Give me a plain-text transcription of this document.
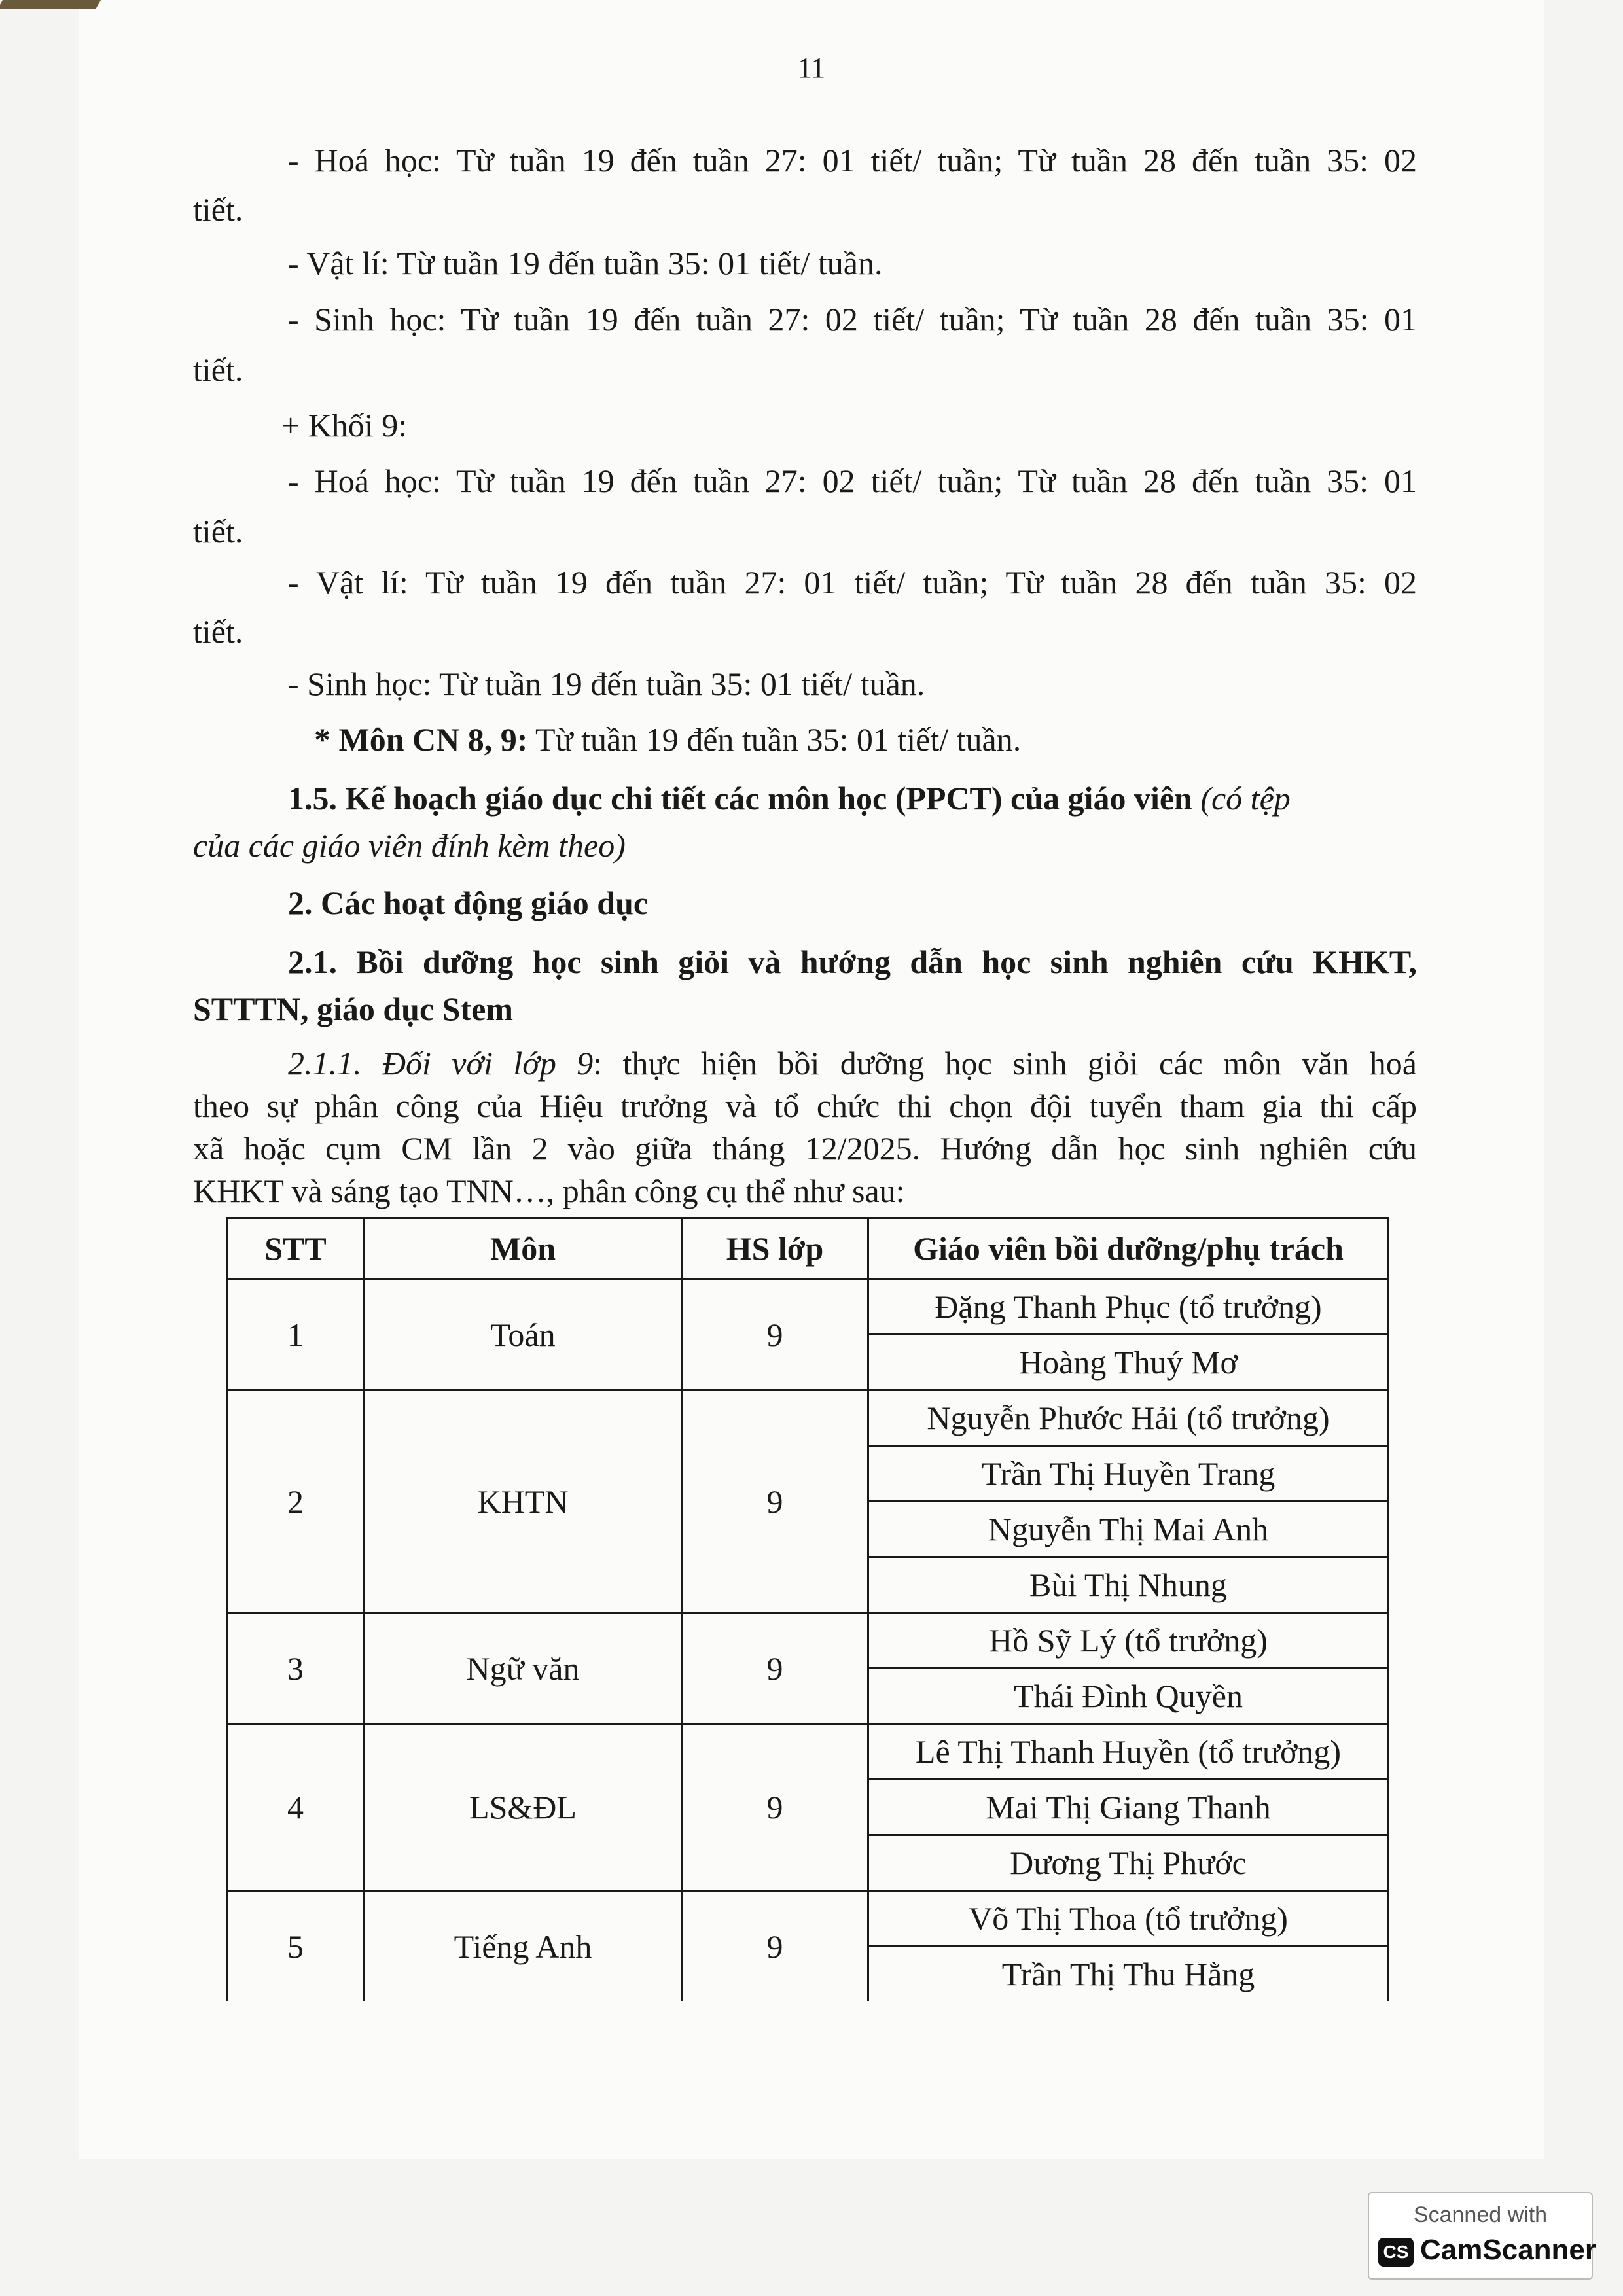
11
- Hoá học: Từ tuần 19 đến tuần 27: 01 tiết/ tuần; Từ tuần 28 đến tuần 35: 02
tiết.
- Vật lí: Từ tuần 19 đến tuần 35: 01 tiết/ tuần.
- Sinh học: Từ tuần 19 đến tuần 27: 02 tiết/ tuần; Từ tuần 28 đến tuần 35: 01
tiết.
+ Khối 9:
- Hoá học: Từ tuần 19 đến tuần 27: 02 tiết/ tuần; Từ tuần 28 đến tuần 35: 01
tiết.
- Vật lí: Từ tuần 19 đến tuần 27: 01 tiết/ tuần; Từ tuần 28 đến tuần 35: 02
tiết.
- Sinh học: Từ tuần 19 đến tuần 35: 01 tiết/ tuần.
* Môn CN 8, 9: Từ tuần 19 đến tuần 35: 01 tiết/ tuần.
1.5. Kế hoạch giáo dục chi tiết các môn học (PPCT) của giáo viên (có tệp
của các giáo viên đính kèm theo)
2. Các hoạt động giáo dục
2.1. Bồi dưỡng học sinh giỏi và hướng dẫn học sinh nghiên cứu KHKT,
STTTN, giáo dục Stem
2.1.1. Đối với lớp 9: thực hiện bồi dưỡng học sinh giỏi các môn văn hoá
theo sự phân công của Hiệu trưởng và tổ chức thi chọn đội tuyển tham gia thi cấp
xã hoặc cụm CM lần 2 vào giữa tháng 12/2025. Hướng dẫn học sinh nghiên cứu
KHKT và sáng tạo TNN…, phân công cụ thể như sau:
STT	Môn	HS lớp	Giáo viên bồi dưỡng/phụ trách
1	Toán	9	Đặng Thanh Phục (tổ trưởng)
			Hoàng Thuý Mơ
2	KHTN	9	Nguyễn Phước Hải (tổ trưởng)
			Trần Thị Huyền Trang
			Nguyễn Thị Mai Anh
			Bùi Thị Nhung
3	Ngữ văn	9	Hồ Sỹ Lý (tổ trưởng)
			Thái Đình Quyền
4	LS&ĐL	9	Lê Thị Thanh Huyền (tổ trưởng)
			Mai Thị Giang Thanh
			Dương Thị Phước
5	Tiếng Anh	9	Võ Thị Thoa (tổ trưởng)
			Trần Thị Thu Hằng
Scanned with
CS CamScanner
